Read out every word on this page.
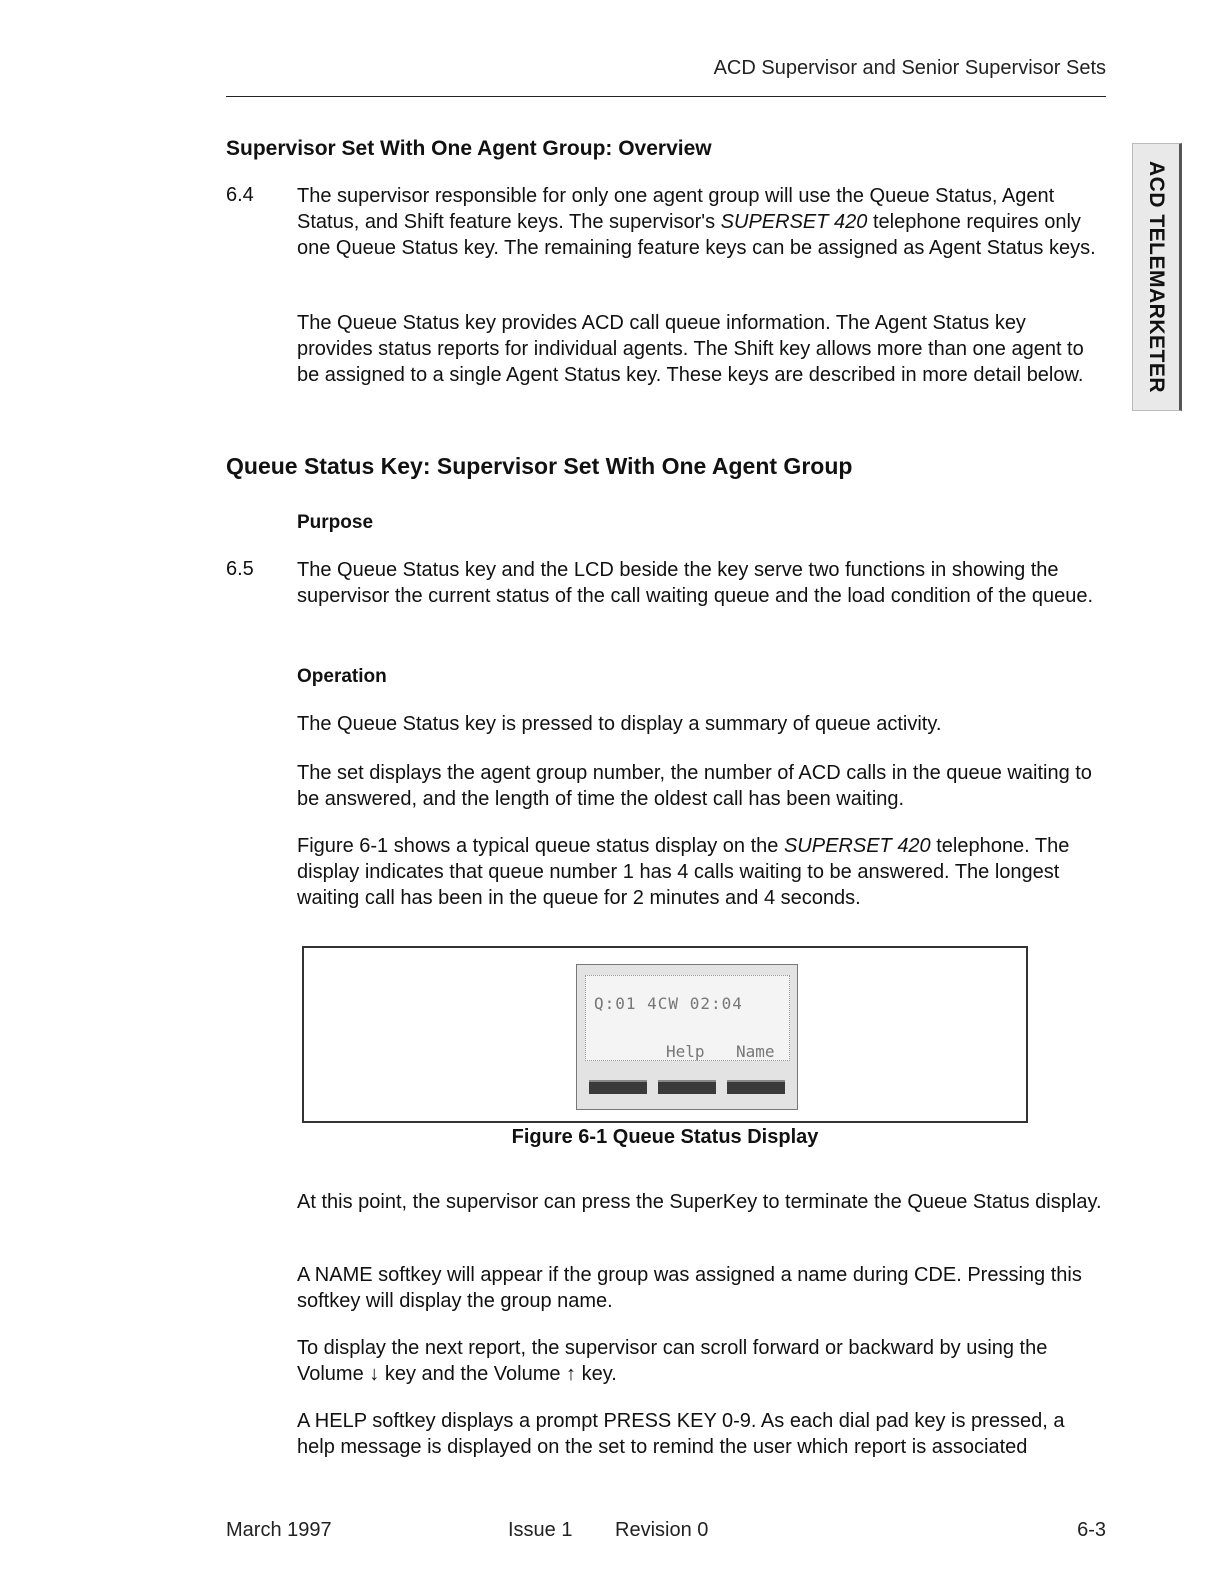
ACD Supervisor and Senior Supervisor Sets
ACD TELEMARKETER
Supervisor Set With One Agent Group: Overview
6.4 The supervisor responsible for only one agent group will use the Queue Status, Agent Status, and Shift feature keys. The supervisor's SUPERSET 420 telephone requires only one Queue Status key. The remaining feature keys can be assigned as Agent Status keys.

The Queue Status key provides ACD call queue information. The Agent Status key provides status reports for individual agents. The Shift key allows more than one agent to be assigned to a single Agent Status key. These keys are described in more detail below.

Queue Status Key: Supervisor Set With One Agent Group
Purpose
6.5 The Queue Status key and the LCD beside the key serve two functions in showing the supervisor the current status of the call waiting queue and the load condition of the queue.

Operation

The Queue Status key is pressed to display a summary of queue activity.

The set displays the agent group number, the number of ACD calls in the queue waiting to be answered, and the length of time the oldest call has been waiting.

Figure 6-1 shows a typical queue status display on the SUPERSET 420 telephone. The display indicates that queue number 1 has 4 calls waiting to be answered. The longest waiting call has been in the queue for 2 minutes and 4 seconds.

Q:01 4CW 02:04
Help Name
Figure 6-1 Queue Status Display

At this point, the supervisor can press the SuperKey to terminate the Queue Status display.

A NAME softkey will appear if the group was assigned a name during CDE. Pressing this softkey will display the group name.

To display the next report, the supervisor can scroll forward or backward by using the Volume ↓ key and the Volume ↑ key.

A HELP softkey displays a prompt PRESS KEY 0-9. As each dial pad key is pressed, a help message is displayed on the set to remind the user which report is associated

March 1997	Issue 1 Revision 0	6-3
